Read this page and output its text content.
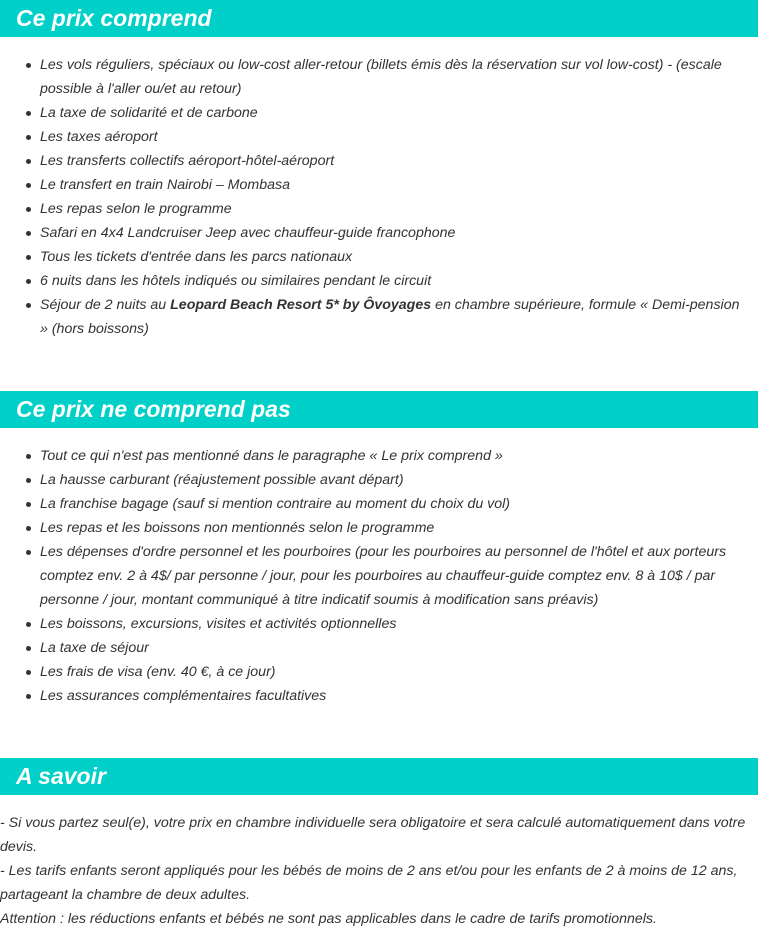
Ce prix comprend
Les vols réguliers, spéciaux ou low-cost aller-retour (billets émis dès la réservation sur vol low-cost) - (escale possible à l'aller ou/et au retour)
La taxe de solidarité et de carbone
Les taxes aéroport
Les transferts collectifs aéroport-hôtel-aéroport
Le transfert en train Nairobi – Mombasa
Les repas selon le programme
Safari en 4x4 Landcruiser Jeep avec chauffeur-guide francophone
Tous les tickets d'entrée dans les parcs nationaux
6 nuits dans les hôtels indiqués ou similaires pendant le circuit
Séjour de 2 nuits au Leopard Beach Resort 5* by Ôvoyages en chambre supérieure, formule « Demi-pension » (hors boissons)
Ce prix ne comprend pas
Tout ce qui n'est pas mentionné dans le paragraphe « Le prix comprend »
La hausse carburant (réajustement possible avant départ)
La franchise bagage (sauf si mention contraire au moment du choix du vol)
Les repas et les boissons non mentionnés selon le programme
Les dépenses d'ordre personnel et les pourboires (pour les pourboires au personnel de l'hôtel et aux porteurs comptez env. 2 à 4$/ par personne / jour, pour les pourboires au chauffeur-guide comptez env. 8 à 10$ / par personne / jour, montant communiqué à titre indicatif soumis à modification sans préavis)
Les boissons, excursions, visites et activités optionnelles
La taxe de séjour
Les frais de visa (env. 40 €, à ce jour)
Les assurances complémentaires facultatives
A savoir

- Si vous partez seul(e), votre prix en chambre individuelle sera obligatoire et sera calculé automatiquement dans votre devis.

- Les tarifs enfants seront appliqués pour les bébés de moins de 2 ans et/ou pour les enfants de 2 à moins de 12 ans, partageant la chambre de deux adultes.

Attention : les réductions enfants et bébés ne sont pas applicables dans le cadre de tarifs promotionnels.
